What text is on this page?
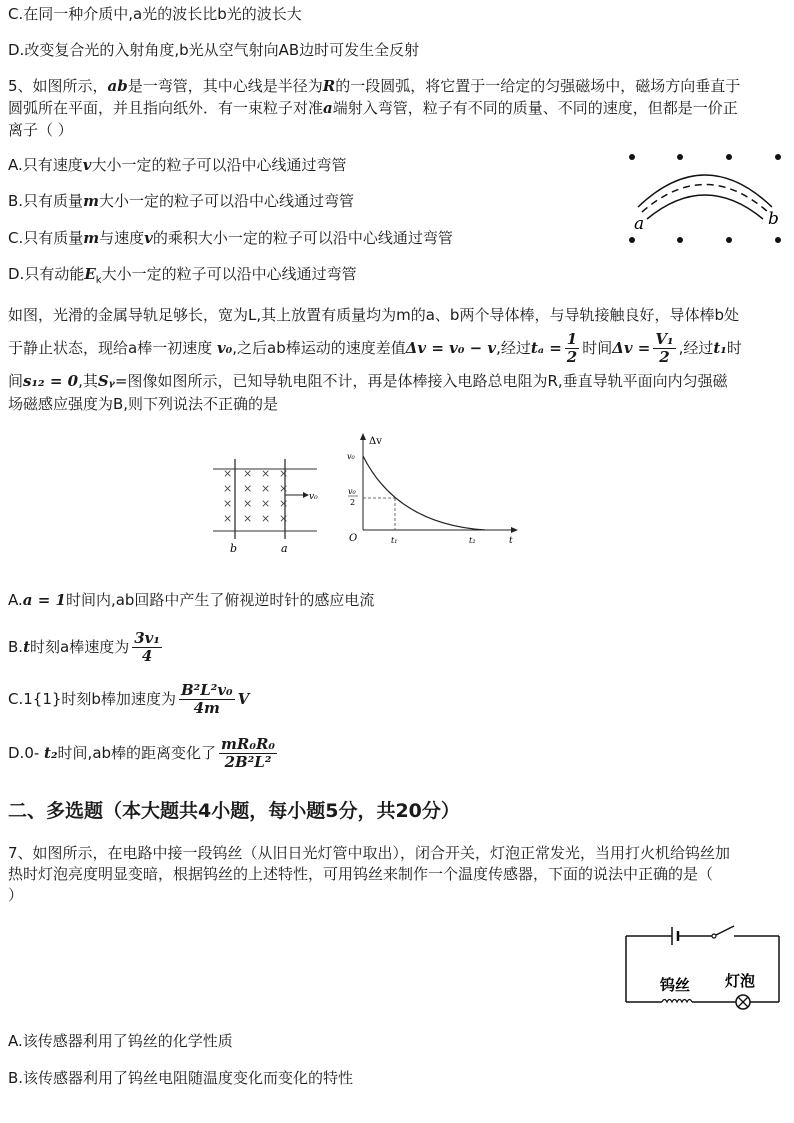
C.在同一种介质中,a光的波长比b光的波长大
D.改变复合光的入射角度,b光从空气射向AB边时可发生全反射
5、如图所示，ab是一弯管，其中心线是半径为R的一段圆弧，将它置于一给定的匀强磁场中，磁场方向垂直于
圆弧所在平面，并且指向纸外．有一束粒子对准a端射入弯管，粒子有不同的质量、不同的速度，但都是一价正
离子（ ）
A.只有速度v大小一定的粒子可以沿中心线通过弯管
B.只有质量m大小一定的粒子可以沿中心线通过弯管
C.只有质量m与速度v的乘积大小一定的粒子可以沿中心线通过弯管
D.只有动能$E_k$大小一定的粒子可以沿中心线通过弯管
a	b
如图，光滑的金属导轨足够长，宽为L,其上放置有质量均为m的a、b两个导体棒，与导轨接触良好，导体棒b处
于静止状态，现给a棒一初速度 v₀,之后ab棒运动的速度差值Δv = v₀ − v,经过$t_a = \frac{1}{2}$ 时间$\Delta v = \frac{\text{V₁}}{2}$ ,经过t₁时
间s₁₂ = 0,其Sᵧ=图像如图所示，已知导轨电阻不计，再是体棒接入电路总电阻为R,垂直导轨平面向内匀强磁
场磁感应强度为B,则下列说法不正确的是
× × × ×
× × × ×
× × × ×
× × × ×
v₀
b	a
Δv
v₀
v₀
2
O	t₁	t₂	t
A.a = 1时间内,ab回路中产生了俯视逆时针的感应电流
B.t时刻a棒速度为 $\frac{\text{3v₁}}{4}$
C.1{1}时刻b棒加速度为 $\frac{\text{B²L²v₀}}{4m}$ V
D.0- t₂时间,ab棒的距离变化了 $\frac{\text{mR₀R₀}}{\text{2B²L²}}$
二、多选题（本大题共4小题，每小题5分，共20分）
7、如图所示，在电路中接一段钨丝（从旧日光灯管中取出），闭合开关，灯泡正常发光，当用打火机给钨丝加
热时灯泡亮度明显变暗，根据钨丝的上述特性，可用钨丝来制作一个温度传感器，下面的说法中正确的是（
）
钨丝 灯泡
A.该传感器利用了钨丝的化学性质
B.该传感器利用了钨丝电阻随温度变化而变化的特性
